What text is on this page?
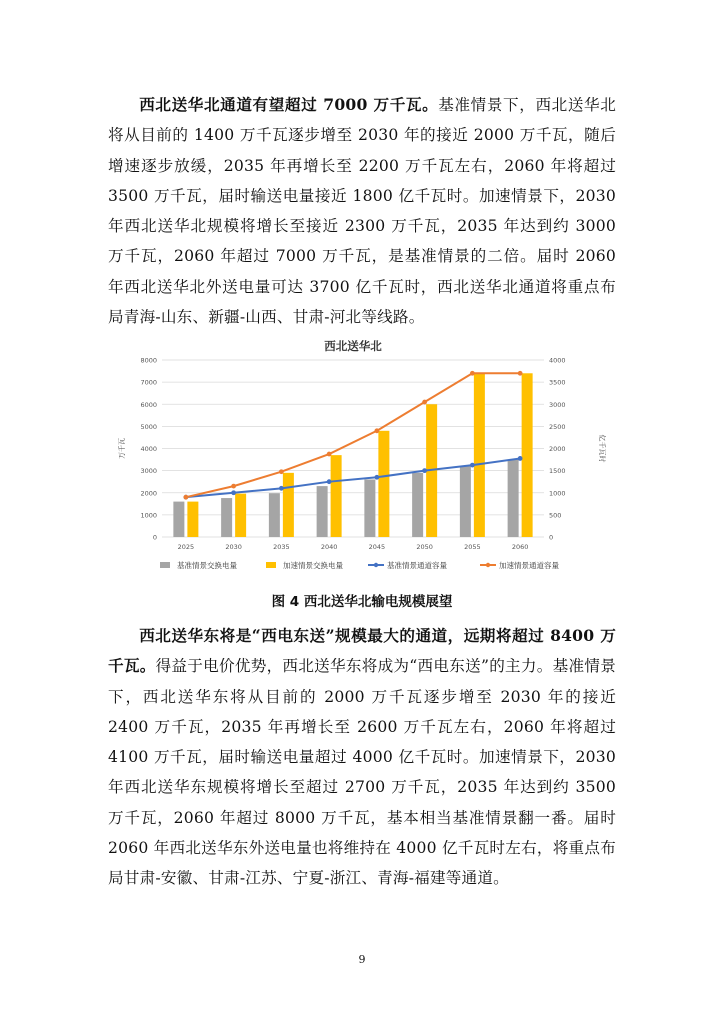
西北送华北通道有望超过 7000 万千瓦。基准情景下，西北送华北将从目前的 1400 万千瓦逐步增至 2030 年的接近 2000 万千瓦，随后增速逐步放缓，2035 年再增长至 2200 万千瓦左右，2060 年将超过 3500 万千瓦，届时输送电量接近 1800 亿千瓦时。加速情景下，2030 年西北送华北规模将增长至接近 2300 万千瓦，2035 年达到约 3000 万千瓦，2060 年超过 7000 万千瓦，是基准情景的二倍。届时 2060 年西北送华北外送电量可达 3700 亿千瓦时，西北送华北通道将重点布局青海-山东、新疆-山西、甘肃-河北等线路。

西北送华北
0	0
1000	500
2000	1000
3000	1500
4000	2000
5000	2500
6000	3000
7000	3500
8000	4000
万千瓦	亿千瓦时
2025	2030	2035	2040	2045	2050	2055	2060
基准情景交换电量	加速情景交换电量	基准情景通道容量	加速情景通道容量

图 4 西北送华北输电规模展望

西北送华东将是“西电东送”规模最大的通道，远期将超过 8400 万千瓦。得益于电价优势，西北送华东将成为“西电东送”的主力。基准情景下，西北送华东将从目前的 2000 万千瓦逐步增至 2030 年的接近 2400 万千瓦，2035 年再增长至 2600 万千瓦左右，2060 年将超过 4100 万千瓦，届时输送电量超过 4000 亿千瓦时。加速情景下，2030 年西北送华东规模将增长至超过 2700 万千瓦，2035 年达到约 3500 万千瓦，2060 年超过 8000 万千瓦，基本相当基准情景翻一番。届时 2060 年西北送华东外送电量也将维持在 4000 亿千瓦时左右，将重点布局甘肃-安徽、甘肃-江苏、宁夏-浙江、青海-福建等通道。

9
